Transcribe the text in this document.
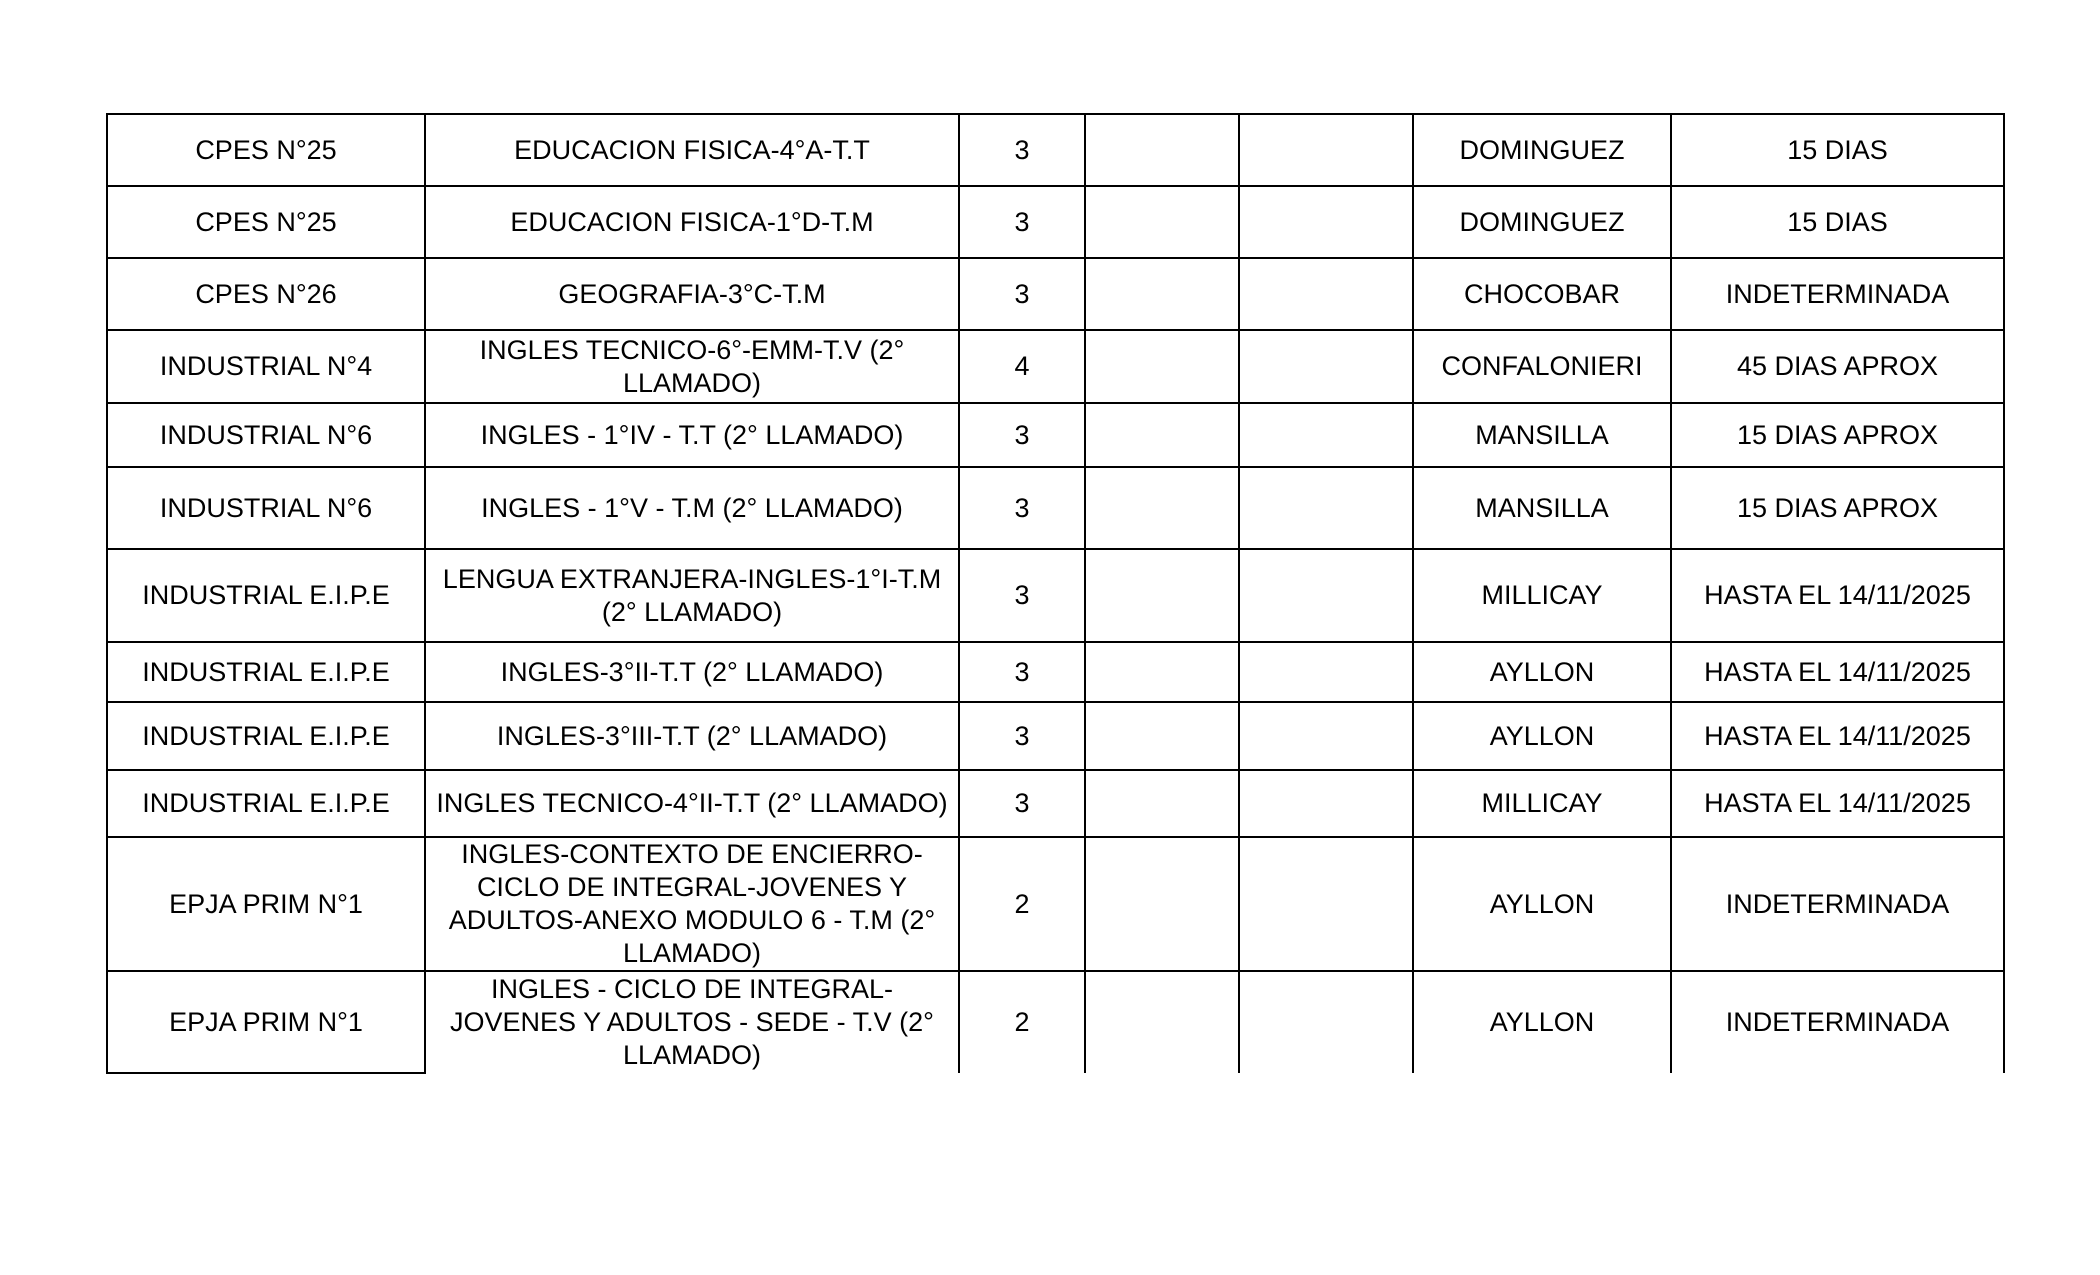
CPES N°25	EDUCACION FISICA-4°A-T.T	3			DOMINGUEZ	15 DIAS
CPES N°25	EDUCACION FISICA-1°D-T.M	3			DOMINGUEZ	15 DIAS
CPES N°26	GEOGRAFIA-3°C-T.M	3			CHOCOBAR	INDETERMINADA
INDUSTRIAL N°4	INGLES TECNICO-6°-EMM-T.V (2° LLAMADO)	4			CONFALONIERI	45 DIAS APROX
INDUSTRIAL N°6	INGLES - 1°IV - T.T (2° LLAMADO)	3			MANSILLA	15 DIAS APROX
INDUSTRIAL N°6	INGLES - 1°V - T.M (2° LLAMADO)	3			MANSILLA	15 DIAS APROX
INDUSTRIAL E.I.P.E	LENGUA EXTRANJERA-INGLES-1°I-T.M (2° LLAMADO)	3			MILLICAY	HASTA EL 14/11/2025
INDUSTRIAL E.I.P.E	INGLES-3°II-T.T (2° LLAMADO)	3			AYLLON	HASTA EL 14/11/2025
INDUSTRIAL E.I.P.E	INGLES-3°III-T.T (2° LLAMADO)	3			AYLLON	HASTA EL 14/11/2025
INDUSTRIAL E.I.P.E	INGLES TECNICO-4°II-T.T (2° LLAMADO)	3			MILLICAY	HASTA EL 14/11/2025
EPJA PRIM N°1	INGLES-CONTEXTO DE ENCIERRO-CICLO DE INTEGRAL-JOVENES Y ADULTOS-ANEXO MODULO 6 - T.M (2° LLAMADO)	2			AYLLON	INDETERMINADA
EPJA PRIM N°1	INGLES - CICLO DE INTEGRAL-JOVENES Y ADULTOS - SEDE - T.V (2° LLAMADO)	2			AYLLON	INDETERMINADA
